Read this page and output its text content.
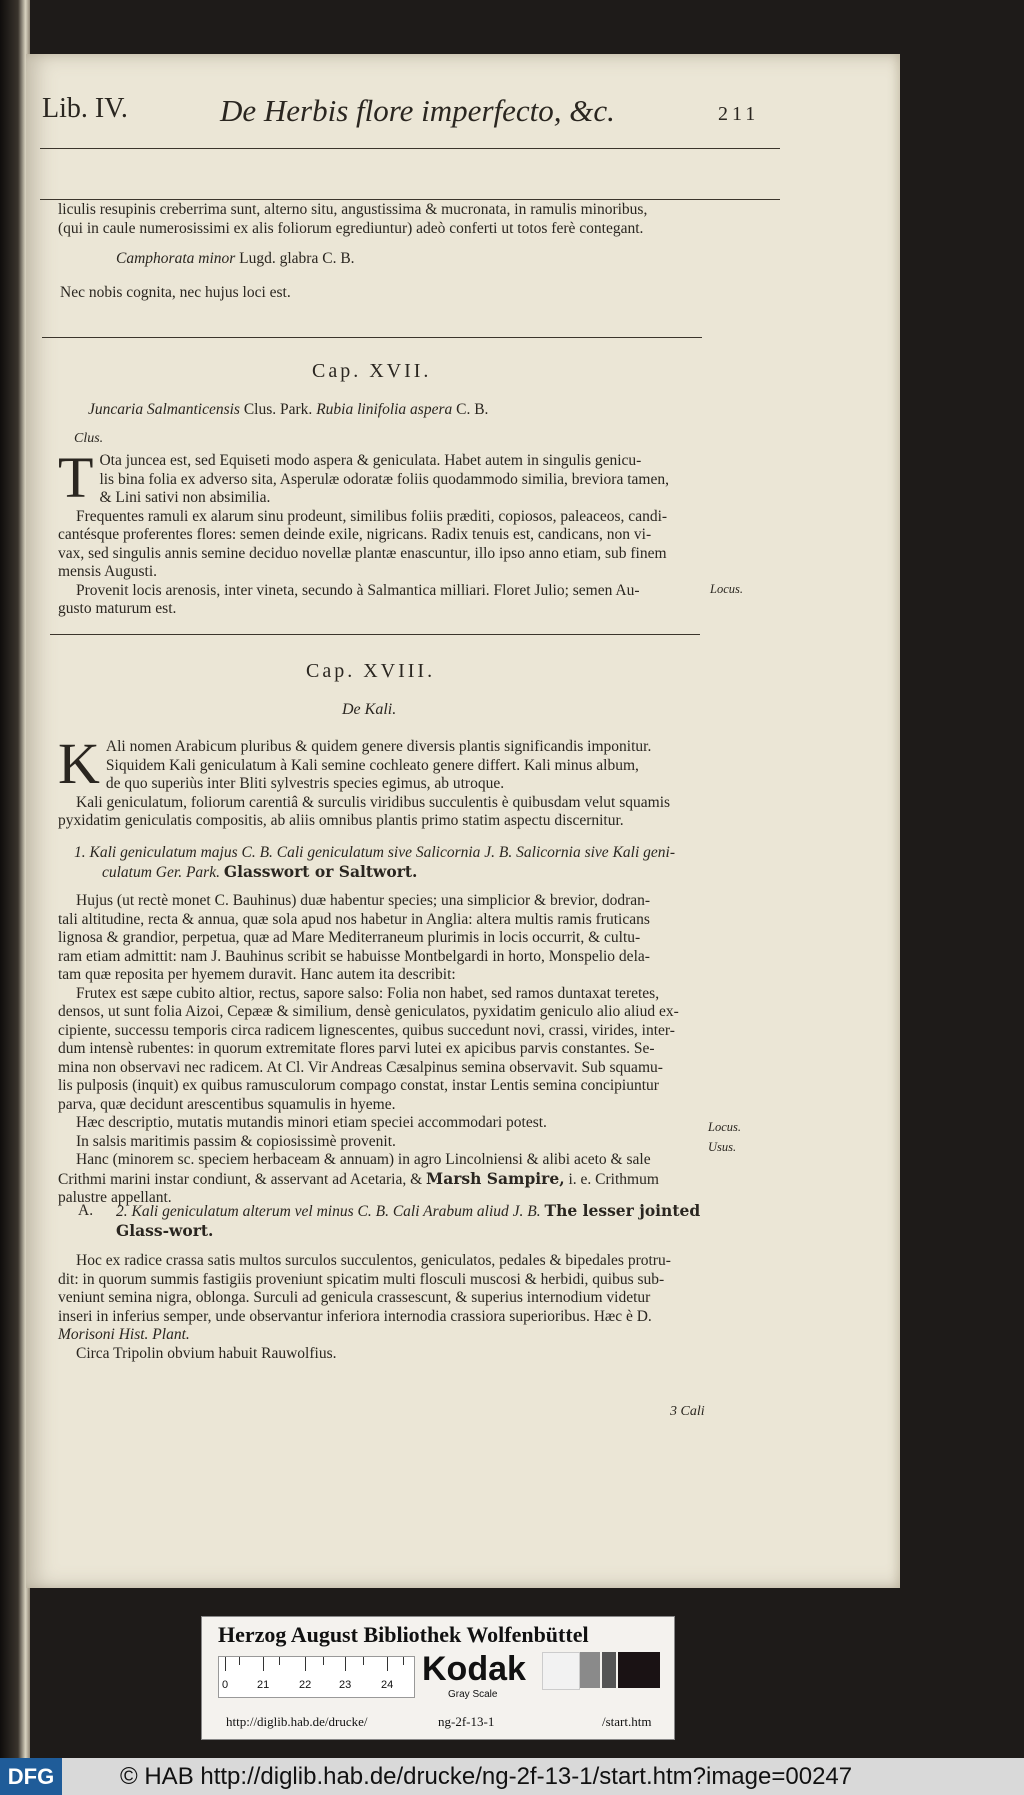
Lib. IV.	De Herbis flore imperfecto, &c.	211

liculis resupinis creberrima sunt, alterno situ, angustissima & mucronata, in ramulis minoribus,

(qui in caule numerosissimi ex alis foliorum egrediuntur) adeò conferti ut totos ferè contegant.

Camphorata minor Lugd. glabra C. B.
Nec nobis cognita, nec hujus loci est.
Cap. XVII.
Juncaria Salmanticensis Clus. Park. Rubia linifolia aspera C. B.
Clus.
T Ota juncea est, sed Equiseti modo aspera & geniculata. Habet autem in singulis genicu-

lis bina folia ex adverso sita, Asperulæ odoratæ foliis quodammodo similia, breviora tamen,

& Lini sativi non absimilia.

Frequentes ramuli ex alarum sinu prodeunt, similibus foliis præditi, copiosos, paleaceos, candi-

cantésque proferentes flores: semen deinde exile, nigricans. Radix tenuis est, candicans, non vi-

vax, sed singulis annis semine deciduo novellæ plantæ enascuntur, illo ipso anno etiam, sub finem

mensis Augusti.

Provenit locis arenosis, inter vineta, secundo à Salmantica milliari. Floret Julio; semen Au-

gusto maturum est.

Locus.
Cap. XVIII.
De Kali.
K Ali nomen Arabicum pluribus & quidem genere diversis plantis significandis imponitur.

Siquidem Kali geniculatum à Kali semine cochleato genere differt. Kali minus album,

de quo superiùs inter Bliti sylvestris species egimus, ab utroque.

Kali geniculatum, foliorum carentiâ & surculis viridibus succulentis è quibusdam velut squamis

pyxidatim geniculatis compositis, ab aliis omnibus plantis primo statim aspectu discernitur.

1. Kali geniculatum majus C. B. Cali geniculatum sive Salicornia J. B. Salicornia sive Kali geni-

culatum Ger. Park. Glasswort or Saltwort.

Hujus (ut rectè monet C. Bauhinus) duæ habentur species; una simplicior & brevior, dodran-

tali altitudine, recta & annua, quæ sola apud nos habetur in Anglia: altera multis ramis fruticans

lignosa & grandior, perpetua, quæ ad Mare Mediterraneum plurimis in locis occurrit, & cultu-

ram etiam admittit: nam J. Bauhinus scribit se habuisse Montbelgardi in horto, Monspelio dela-

tam quæ reposita per hyemem duravit. Hanc autem ita describit:

Frutex est sæpe cubito altior, rectus, sapore salso: Folia non habet, sed ramos duntaxat teretes,

densos, ut sunt folia Aizoi, Cepææ & similium, densè geniculatos, pyxidatim geniculo alio aliud ex-

cipiente, successu temporis circa radicem lignescentes, quibus succedunt novi, crassi, virides, inter-

dum intensè rubentes: in quorum extremitate flores parvi lutei ex apicibus parvis constantes. Se-

mina non observavi nec radicem. At Cl. Vir Andreas Cæsalpinus semina observavit. Sub squamu-

lis pulposis (inquit) ex quibus ramusculorum compago constat, instar Lentis semina concipiuntur

parva, quæ decidunt arescentibus squamulis in hyeme.

Hæc descriptio, mutatis mutandis minori etiam speciei accommodari potest.

In salsis maritimis passim & copiosissimè provenit.

Hanc (minorem sc. speciem herbaceam & annuam) in agro Lincolniensi & alibi aceto & sale

Crithmi marini instar condiunt, & asservant ad Acetaria, & Marsh Sampire, i. e. Crithmum

palustre appellant.

Locus.
Usus.
A. 2. Kali geniculatum alterum vel minus C. B. Cali Arabum aliud J. B. The lesser jointed

Glass-wort.

Hoc ex radice crassa satis multos surculos succulentos, geniculatos, pedales & bipedales protru-

dit: in quorum summis fastigiis proveniunt spicatim multi flosculi muscosi & herbidi, quibus sub-

veniunt semina nigra, oblonga. Surculi ad genicula crassescunt, & superius internodium videtur

inseri in inferius semper, unde observantur inferiora internodia crassiora superioribus. Hæc è D.

Morisoni Hist. Plant.

Circa Tripolin obvium habuit Rauwolfius.

3 Cali
Herzog August Bibliothek Wolfenbüttel
0	21	22	23	24 Kodak
Gray Scale
http://diglib.hab.de/drucke/	ng-2f-13-1	/start.htm
DFG	© HAB http://diglib.hab.de/drucke/ng-2f-13-1/start.htm?image=00247
